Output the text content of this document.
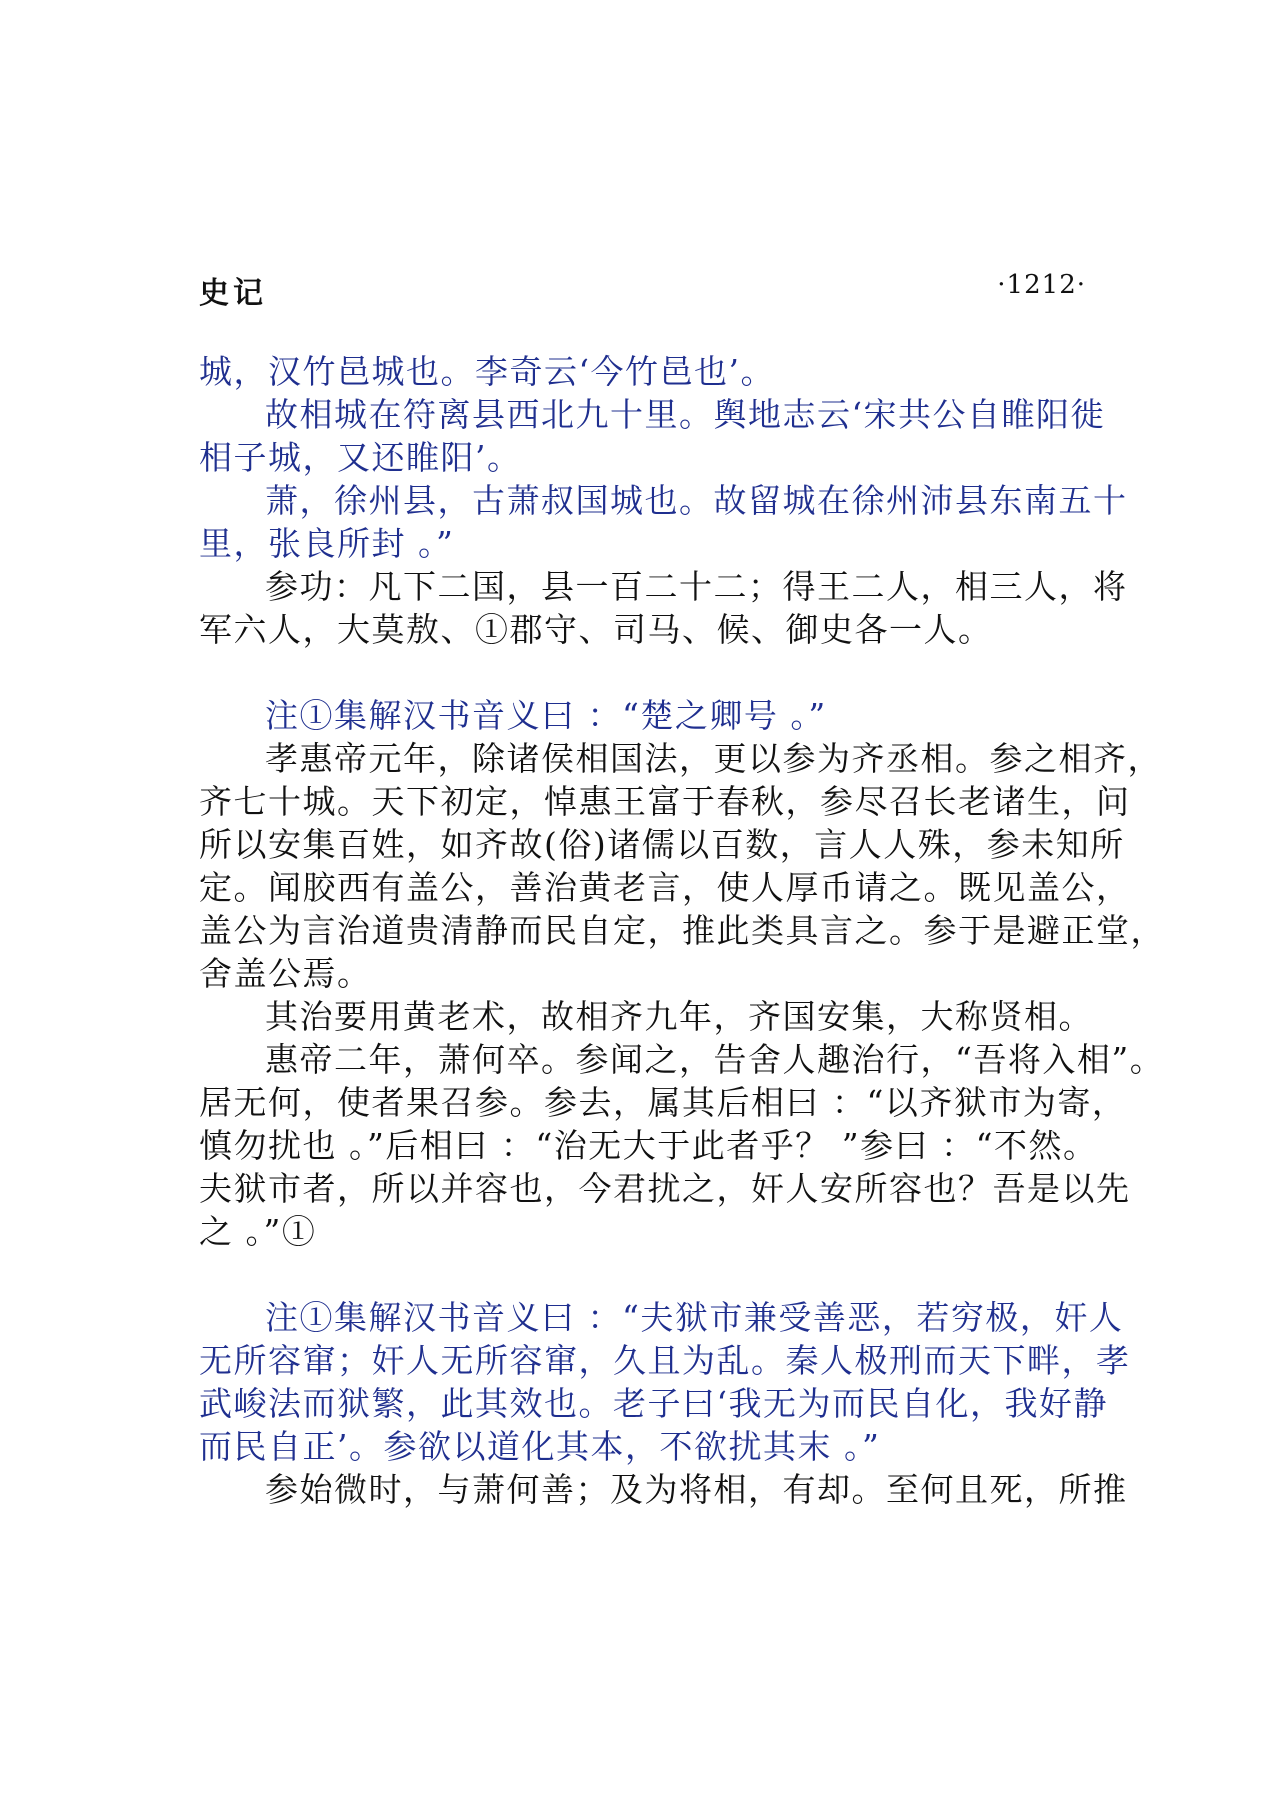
史记	·1212·
城，汉竹邑城也。李奇云‘今竹邑也’。
故相城在符离县西北九十里。舆地志云‘宋共公自睢阳徙
相子城，又还睢阳’。
萧，徐州县，古萧叔国城也。故留城在徐州沛县东南五十
里，张良所封 。”
参功：凡下二国，县一百二十二；得王二人，相三人，将
军六人，大莫敖、①郡守、司马、候、御史各一人。
注①集解汉书音义曰 ：“楚之卿号 。”
孝惠帝元年，除诸侯相国法，更以参为齐丞相。参之相齐，
齐七十城。天下初定，悼惠王富于春秋，参尽召长老诸生，问
所以安集百姓，如齐故(俗)诸儒以百数，言人人殊，参未知所
定。闻胶西有盖公，善治黄老言，使人厚币请之。既见盖公，
盖公为言治道贵清静而民自定，推此类具言之。参于是避正堂，
舍盖公焉。
其治要用黄老术，故相齐九年，齐国安集，大称贤相。
惠帝二年，萧何卒。参闻之，告舍人趣治行，“吾将入相”。
居无何，使者果召参。参去，属其后相曰 ：“以齐狱市为寄，
慎勿扰也 。”后相曰 ：“治无大于此者乎？ ”参曰 ：“不然。
夫狱市者，所以并容也，今君扰之，奸人安所容也？吾是以先
之 。”①
注①集解汉书音义曰 ：“夫狱市兼受善恶，若穷极，奸人
无所容窜；奸人无所容窜，久且为乱。秦人极刑而天下畔，孝
武峻法而狱繁，此其效也。老子曰‘我无为而民自化，我好静
而民自正’。参欲以道化其本，不欲扰其末 。”
参始微时，与萧何善；及为将相，有却。至何且死，所推
